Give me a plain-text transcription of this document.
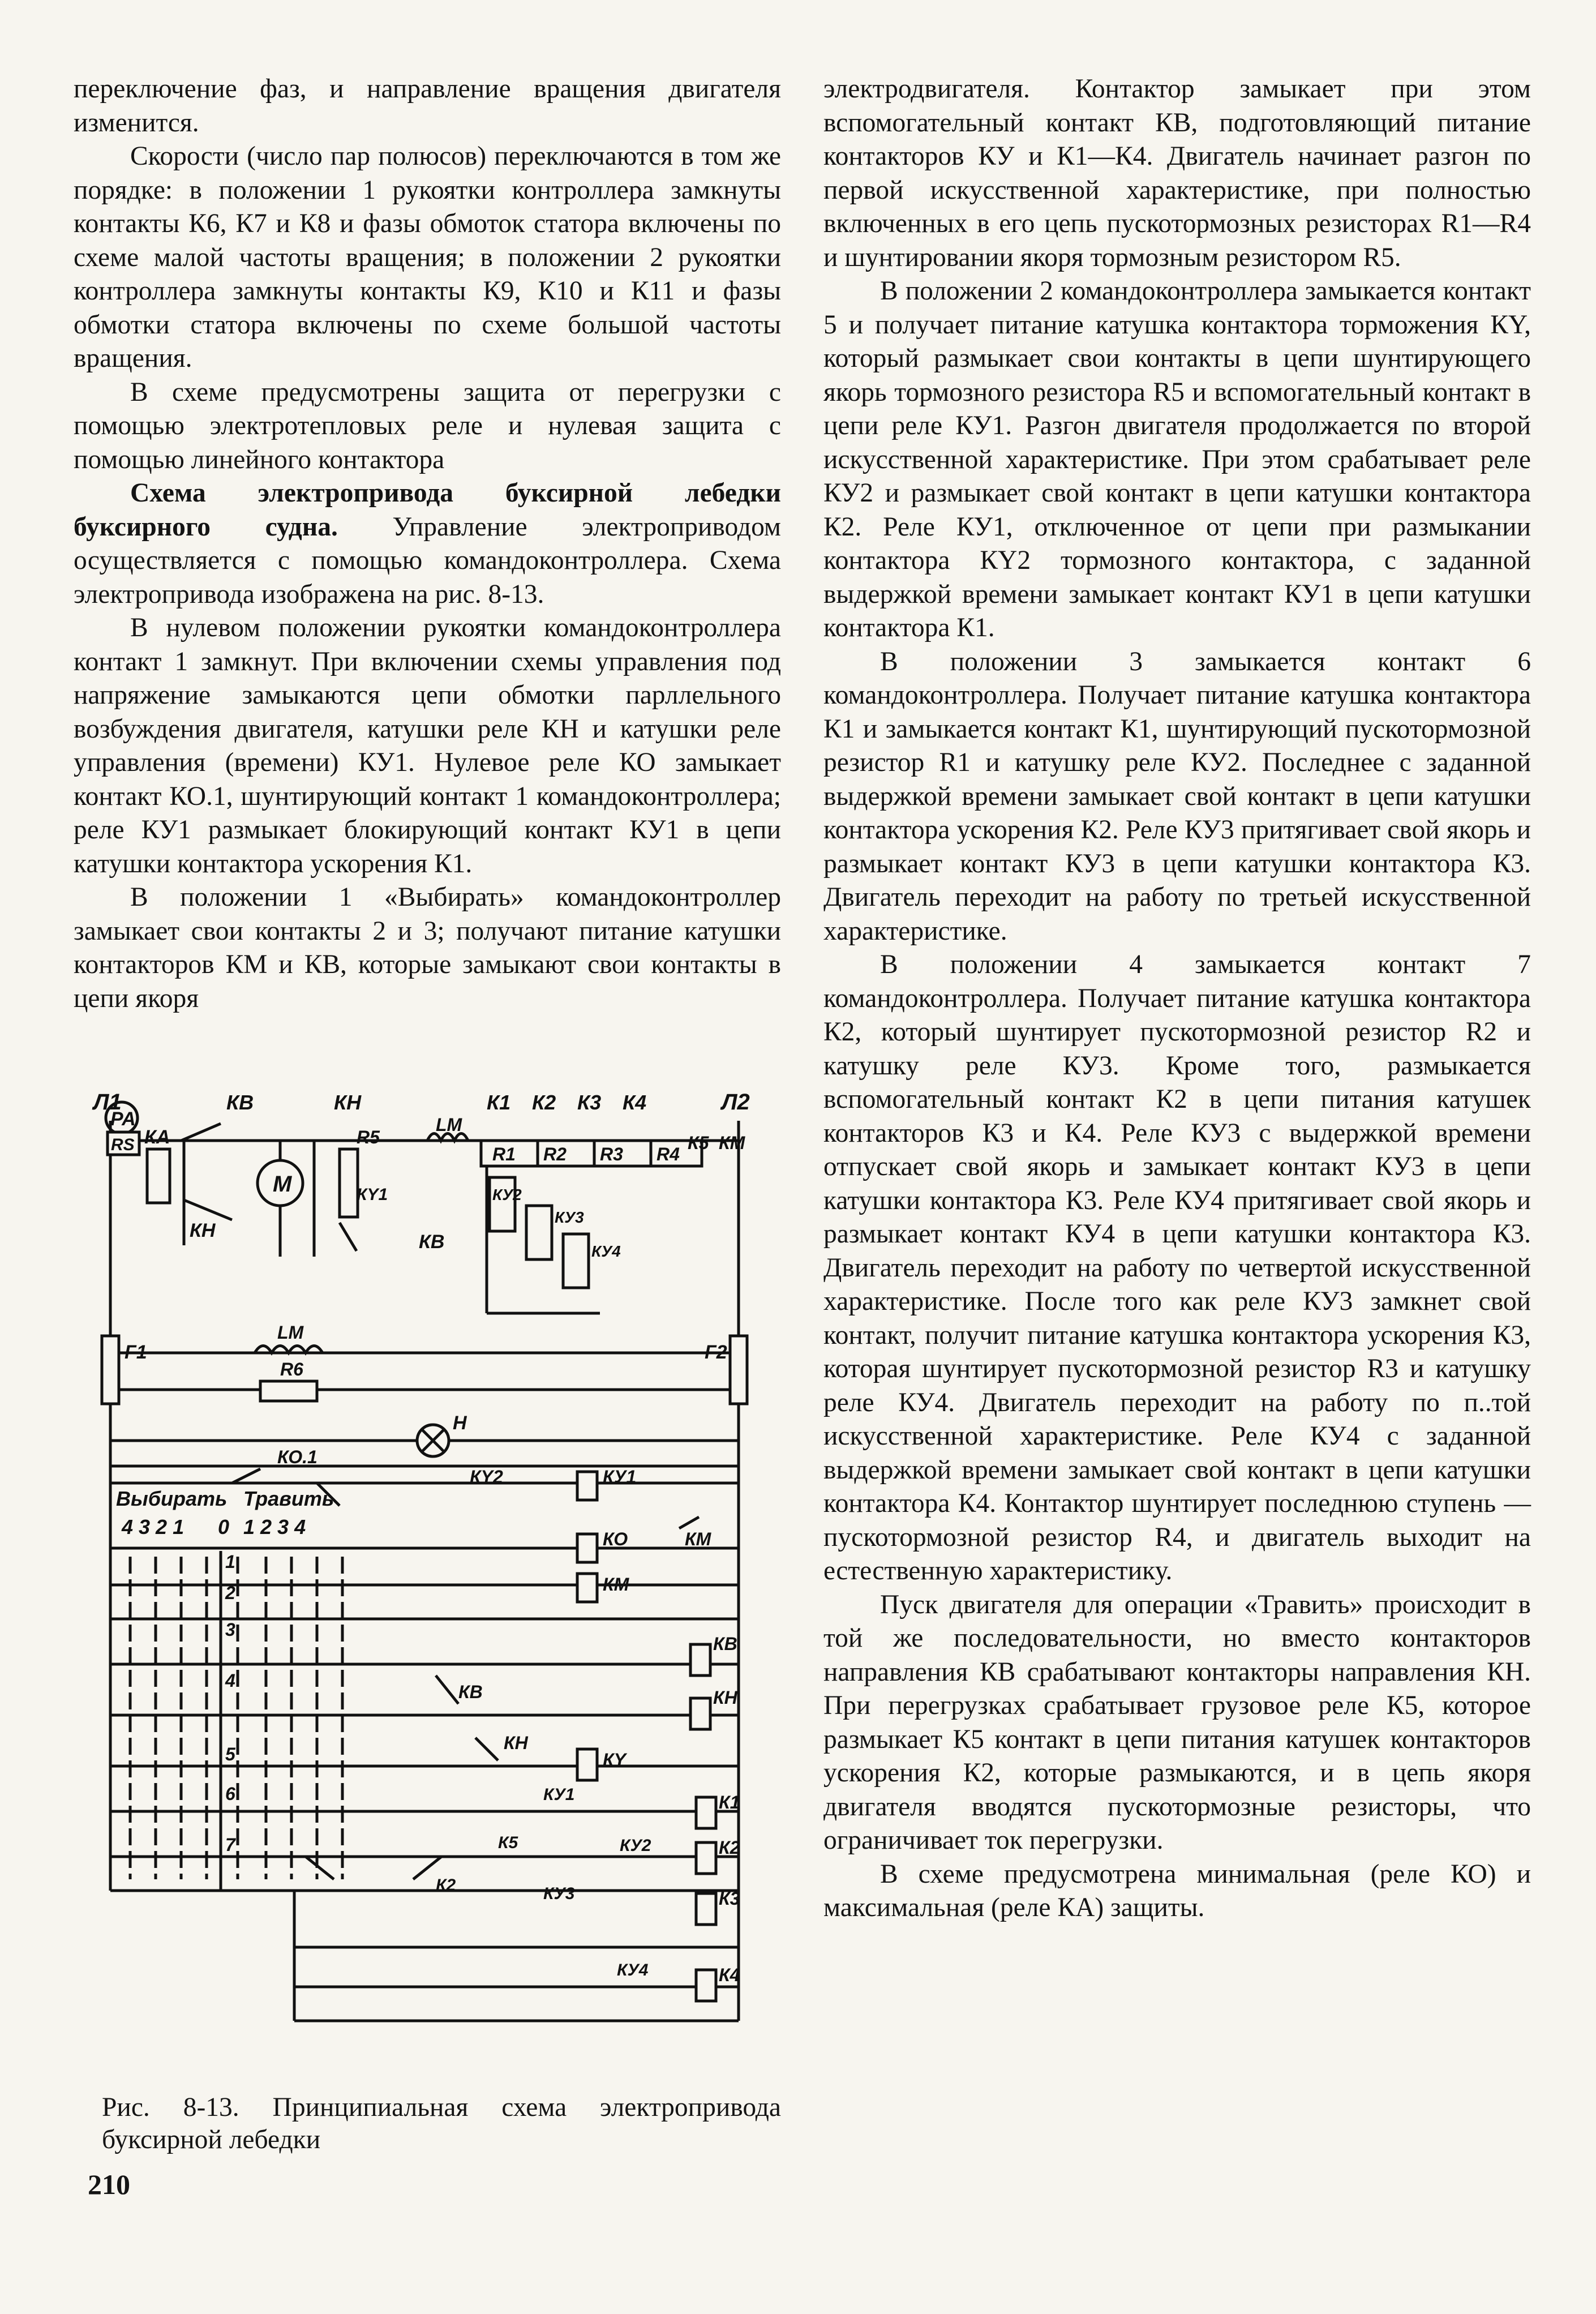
переключение фаз, и направление вращения двигателя изменится.

Скорости (число пар полюсов) переключаются в том же порядке: в положении 1 рукоятки контроллера замкнуты контакты К6, К7 и К8 и фазы обмоток статора включены по схеме малой частоты вращения; в положении 2 рукоятки контроллера замкнуты контакты К9, К10 и К11 и фазы обмотки статора включены по схеме большой частоты вращения.

В схеме предусмотрены защита от перегрузки с помощью электротепловых реле и нулевая защита с помощью линейного контактора

Схема электропривода буксирной лебедки буксирного судна. Управление электроприводом осуществляется с помощью командоконтроллера. Схема электропривода изображена на рис. 8-13.

В нулевом положении рукоятки командоконтроллера контакт 1 замкнут. При включении схемы управления под напряжение замыкаются цепи обмотки парллельного возбуждения двигателя, катушки реле КН и катушки реле управления (времени) КУ1. Нулевое реле КО замыкает контакт КО.1, шунтирующий контакт 1 командоконтроллера; реле КУ1 размыкает блокирующий контакт КУ1 в цепи катушки контактора ускорения К1.

В положении 1 «Выбирать» командоконтроллер замыкает свои контакты 2 и 3; получают питание катушки контакторов КМ и КВ, которые замыкают свои контакты в цепи якоря

электродвигателя. Контактор замыкает при этом вспомогательный контакт КВ, подготовляющий питание контакторов КУ и К1—К4. Двигатель начинает разгон по первой искусственной характеристике, при полностью включенных в его цепь пускотормозных резисторах R1—R4 и шунтировании якоря тормозным резистором R5.

В положении 2 командоконтроллера замыкается контакт 5 и получает питание катушка контактора торможения КΥ, который размыкает свои контакты в цепи шунтирующего якорь тормозного резистора R5 и вспомогательный контакт в цепи реле КУ1. Разгон двигателя продолжается по второй искусственной характеристике. При этом срабатывает реле КУ2 и размыкает свой контакт в цепи катушки контактора К2. Реле КУ1, отключенное от цепи при размыкании контактора КΥ2 тормозного контактора, с заданной выдержкой времени замыкает контакт КУ1 в цепи катушки контактора К1.

В положении 3 замыкается контакт 6 командоконтроллера. Получает питание катушка контактора К1 и замыкается контакт К1, шунтирующий пускотормозной резистор R1 и катушку реле КУ2. Последнее с заданной выдержкой времени замыкает свой контакт в цепи катушки контактора ускорения К2. Реле КУ3 притягивает свой якорь и размыкает контакт КУ3 в цепи катушки контактора К3. Двигатель переходит на работу по третьей искусственной характеристике.

В положении 4 замыкается контакт 7 командоконтроллера. Получает питание катушка контактора К2, который шунтирует пускотормозной резистор R2 и катушку реле КУ3. Кроме того, размыкается вспомогательный контакт К2 в цепи питания катушек контакторов К3 и К4. Реле КУ3 с выдержкой времени отпускает свой якорь и замыкает контакт КУ3 в цепи катушки контактора К3. Реле КУ4 притягивает свой якорь и размыкает контакт КУ4 в цепи катушки контактора К3. Двигатель переходит на работу по четвертой искусственной характеристике. После того как реле КУ3 замкнет свой контакт, получит питание катушка контактора ускорения К3, которая шунтирует пускотормозной резистор R3 и катушку реле КУ4. Двигатель переходит на работу по п..той искусственной характеристике. Реле КУ4 с заданной выдержкой времени замыкает свой контакт в цепи катушки контактора К4. Контактор шунтирует последнюю ступень — пускотормозной резистор R4, и двигатель выходит на естественную характеристику.

Пуск двигателя для операции «Травить» происходит в той же последовательности, но вместо контакторов направления КВ срабатывают контакторы направления КН. При перегрузках срабатывает грузовое реле К5, которое размыкает К5 контакт в цепи питания катушек контакторов ускорения К2, которые размыкаются, и в цепь якоря двигателя вводятся пускотормозные резисторы, что ограничивает ток перегрузки.

В схеме предусмотрена минимальная (реле КО) и максимальная (реле КА) защиты.

Л1
PA
RS КА
КВ	КН	К1 К2 К3 К4	Л2
К5 КМ
M
R5
КΥ1
LM
КН
КВ
R1 R2 R3 R4
КУ2
КУ3
КУ4
LM
R6
F1	F2
H
КО.1
Выбирать Травить
4 3 2 1 0 1 2 3 4
КΥ2	КУ1
КО	КМ
КМ
КВ
КВ	КН
КН
КΥ
КУ1	К1
К5	КУ2	К2
К2	КУ3	К3
КУ4	К4
1
2
3
4
5
6
7
Рис. 8-13. Принципиальная схема электропривода буксирной лебедки
210
